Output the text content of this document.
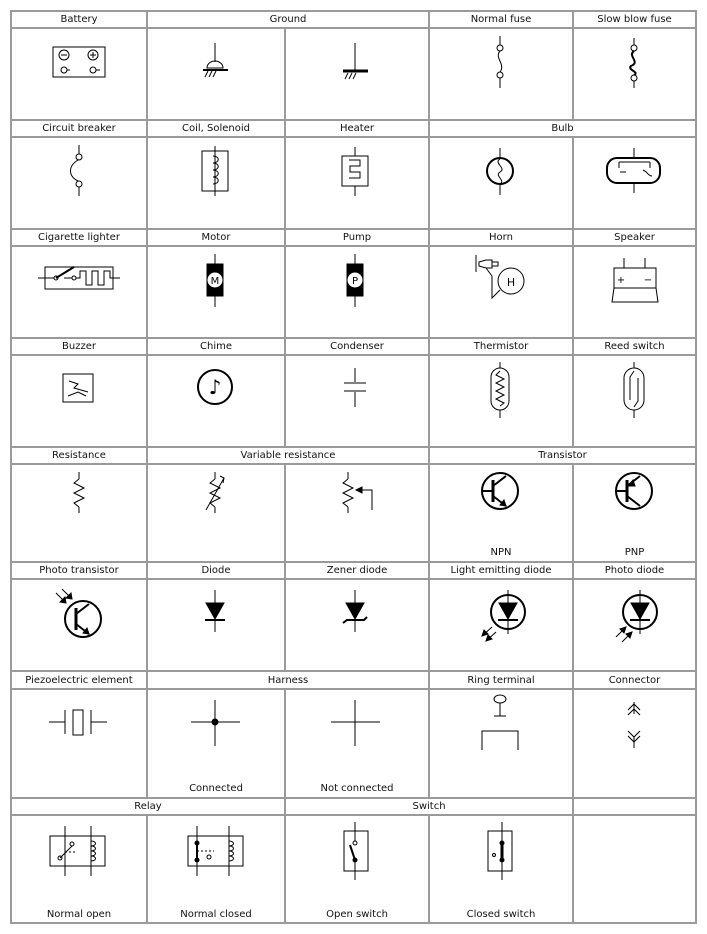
M	P	H	+ −
♪
Battery	Ground	Normal fuse	Slow blow fuse
Circuit breaker	Coil, Solenoid	Heater	Bulb
Cigarette lighter	Motor	Pump	Horn	Speaker
Buzzer	Chime	Condenser	Thermistor	Reed switch
Resistance	Variable resistance	Transistor
NPN	PNP
Photo transistor	Diode	Zener diode	Light emitting diode	Photo diode
Piezoelectric element	Harness	Ring terminal	Connector
Connected	Not connected
Relay	Switch
Normal open	Normal closed	Open switch	Closed switch
